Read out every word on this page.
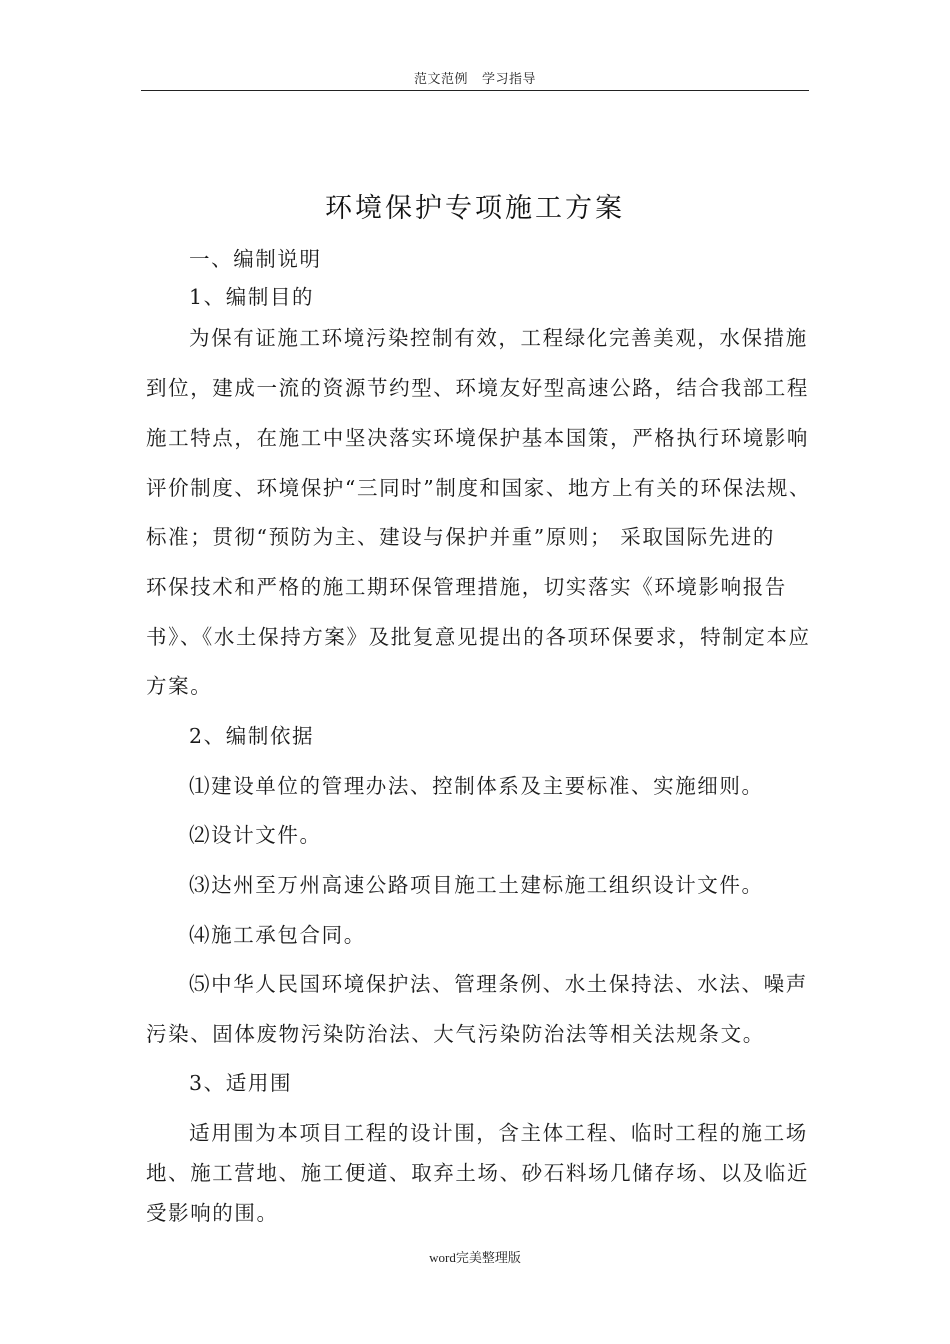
范文范例 学习指导
环境保护专项施工方案
一、编制说明
1、编制目的
为保有证施工环境污染控制有效，工程绿化完善美观，水保措施
到位，建成一流的资源节约型、环境友好型高速公路，结合我部工程
施工特点，在施工中坚决落实环境保护基本国策，严格执行环境影响
评价制度、环境保护“三同时”制度和国家、地方上有关的环保法规、
标准；贯彻“预防为主、建设与保护并重”原则； 采取国际先进的
环保技术和严格的施工期环保管理措施，切实落实《环境影响报告
书》、《水土保持方案》及批复意见提出的各项环保要求，特制定本应
方案。
2、编制依据
⑴建设单位的管理办法、控制体系及主要标准、实施细则。
⑵设计文件。
⑶达州至万州高速公路项目施工土建标施工组织设计文件。
⑷施工承包合同。
⑸中华人民国环境保护法、管理条例、水土保持法、水法、噪声
污染、固体废物污染防治法、大气污染防治法等相关法规条文。
3、适用围
适用围为本项目工程的设计围，含主体工程、临时工程的施工场
地、施工营地、施工便道、取弃土场、砂石料场几储存场、以及临近
受影响的围。
word完美整理版
